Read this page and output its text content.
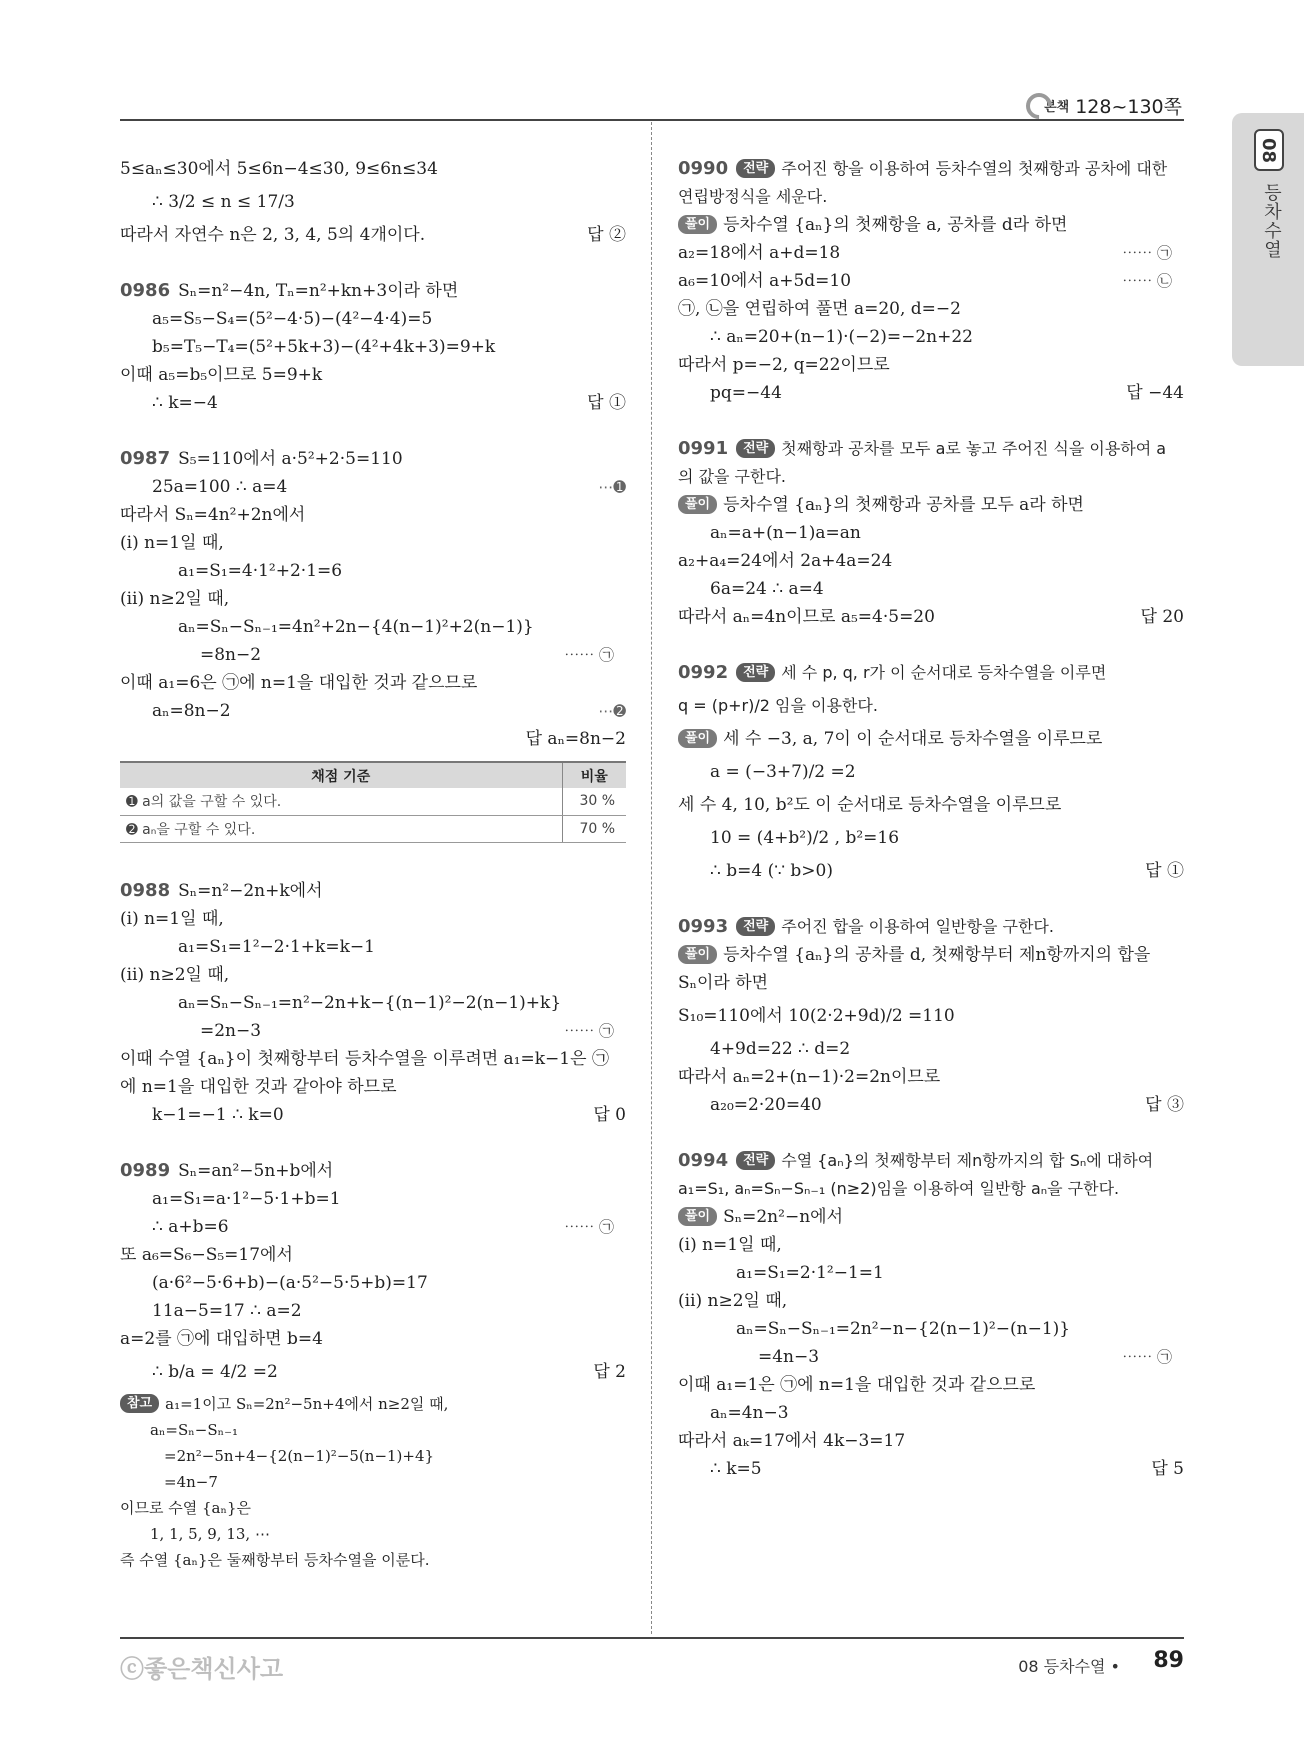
본책 128~130쪽
08
등차수열
5≤aₙ≤30에서 5≤6n−4≤30, 9≤6n≤34
∴ 3/2 ≤ n ≤ 17/3
따라서 자연수 n은 2, 3, 4, 5의 4개이다.	답 ②
0986 Sₙ=n²−4n, Tₙ=n²+kn+3이라 하면
a₅=S₅−S₄=(5²−4·5)−(4²−4·4)=5
b₅=T₅−T₄=(5²+5k+3)−(4²+4k+3)=9+k
이때 a₅=b₅이므로 5=9+k
∴ k=−4	답 ①
0987 S₅=110에서 a·5²+2·5=110
25a=100 ∴ a=4	⋯➊
따라서 Sₙ=4n²+2n에서
(ⅰ) n=1일 때,
a₁=S₁=4·1²+2·1=6
(ⅱ) n≥2일 때,
aₙ=Sₙ−Sₙ₋₁=4n²+2n−{4(n−1)²+2(n−1)}
=8n−2	⋯⋯ ㉠
이때 a₁=6은 ㉠에 n=1을 대입한 것과 같으므로
aₙ=8n−2	⋯➋
답 aₙ=8n−2
채점 기준	비율
➊ a의 값을 구할 수 있다.	30 %
➋ aₙ을 구할 수 있다.	70 %
0988 Sₙ=n²−2n+k에서
(ⅰ) n=1일 때,
a₁=S₁=1²−2·1+k=k−1
(ⅱ) n≥2일 때,
aₙ=Sₙ−Sₙ₋₁=n²−2n+k−{(n−1)²−2(n−1)+k}
=2n−3	⋯⋯ ㉠
이때 수열 {aₙ}이 첫째항부터 등차수열을 이루려면 a₁=k−1은 ㉠
에 n=1을 대입한 것과 같아야 하므로
k−1=−1 ∴ k=0	답 0
0989 Sₙ=an²−5n+b에서
a₁=S₁=a·1²−5·1+b=1
∴ a+b=6	⋯⋯ ㉠
또 a₆=S₆−S₅=17에서
(a·6²−5·6+b)−(a·5²−5·5+b)=17
11a−5=17 ∴ a=2
a=2를 ㉠에 대입하면 b=4
∴ b/a = 4/2 =2	답 2
참고 a₁=1이고 Sₙ=2n²−5n+4에서 n≥2일 때,
aₙ=Sₙ−Sₙ₋₁
=2n²−5n+4−{2(n−1)²−5(n−1)+4}
=4n−7
이므로 수열 {aₙ}은
1, 1, 5, 9, 13, ⋯
즉 수열 {aₙ}은 둘째항부터 등차수열을 이룬다.
0990 전략 주어진 항을 이용하여 등차수열의 첫째항과 공차에 대한
연립방정식을 세운다.
풀이 등차수열 {aₙ}의 첫째항을 a, 공차를 d라 하면
a₂=18에서 a+d=18	⋯⋯ ㉠
a₆=10에서 a+5d=10	⋯⋯ ㉡
㉠, ㉡을 연립하여 풀면 a=20, d=−2
∴ aₙ=20+(n−1)·(−2)=−2n+22
따라서 p=−2, q=22이므로
pq=−44	답 −44
0991 전략 첫째항과 공차를 모두 a로 놓고 주어진 식을 이용하여 a
의 값을 구한다.
풀이 등차수열 {aₙ}의 첫째항과 공차를 모두 a라 하면
aₙ=a+(n−1)a=an
a₂+a₄=24에서 2a+4a=24
6a=24 ∴ a=4
따라서 aₙ=4n이므로 a₅=4·5=20	답 20
0992 전략 세 수 p, q, r가 이 순서대로 등차수열을 이루면
q = (p+r)/2 임을 이용한다.
풀이 세 수 −3, a, 7이 이 순서대로 등차수열을 이루므로
a = (−3+7)/2 =2
세 수 4, 10, b²도 이 순서대로 등차수열을 이루므로
10 = (4+b²)/2 , b²=16
∴ b=4 (∵ b>0)	답 ①
0993 전략 주어진 합을 이용하여 일반항을 구한다.
풀이 등차수열 {aₙ}의 공차를 d, 첫째항부터 제n항까지의 합을
Sₙ이라 하면
S₁₀=110에서 10(2·2+9d)/2 =110
4+9d=22 ∴ d=2
따라서 aₙ=2+(n−1)·2=2n이므로
a₂₀=2·20=40	답 ③
0994 전략 수열 {aₙ}의 첫째항부터 제n항까지의 합 Sₙ에 대하여
a₁=S₁, aₙ=Sₙ−Sₙ₋₁ (n≥2)임을 이용하여 일반항 aₙ을 구한다.
풀이 Sₙ=2n²−n에서
(ⅰ) n=1일 때,
a₁=S₁=2·1²−1=1
(ⅱ) n≥2일 때,
aₙ=Sₙ−Sₙ₋₁=2n²−n−{2(n−1)²−(n−1)}
=4n−3	⋯⋯ ㉠
이때 a₁=1은 ㉠에 n=1을 대입한 것과 같으므로
aₙ=4n−3
따라서 aₖ=17에서 4k−3=17
∴ k=5	답 5
ⓒ좋은책신사고	08 등차수열 • 89
